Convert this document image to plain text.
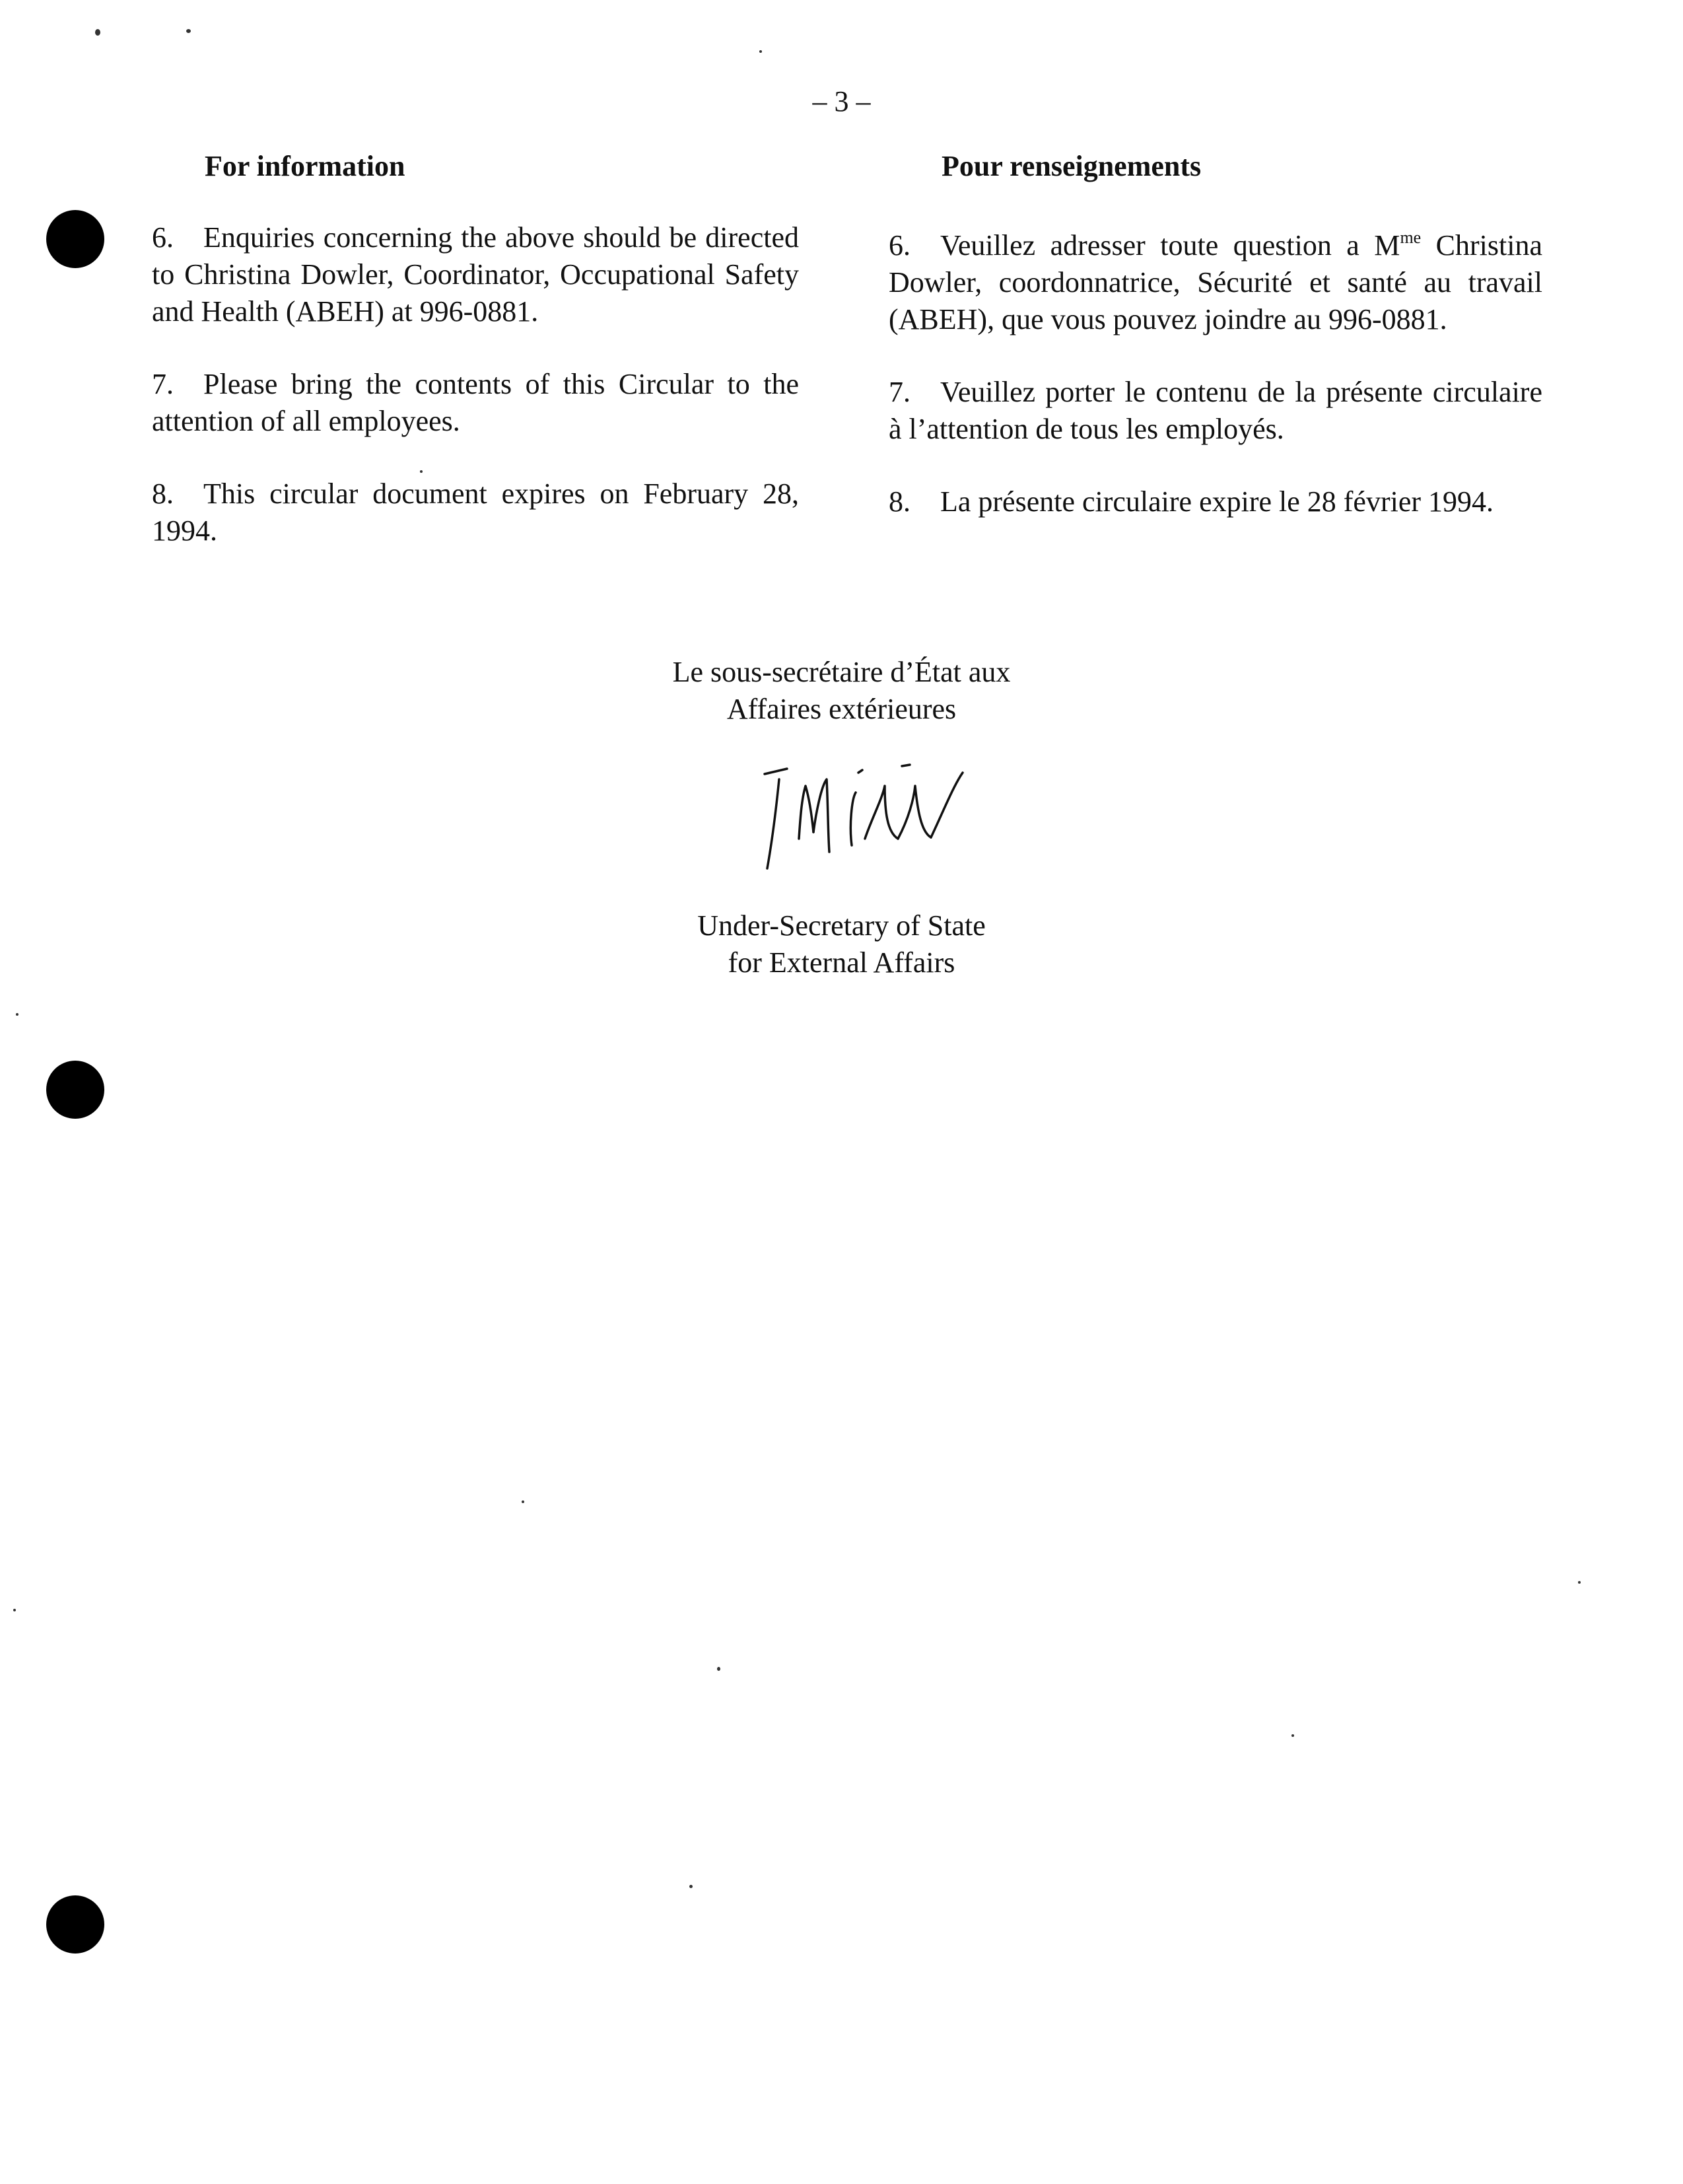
– 3 –
For information
6. Enquiries concerning the above should be directed to Christina Dowler, Coordinator, Occupational Safety and Health (ABEH) at 996-0881.
7. Please bring the contents of this Circular to the attention of all employees.
8. This circular document expires on February 28, 1994.
Pour renseignements
6. Veuillez adresser toute question a $M^{me}$ Christina Dowler, coordonnatrice, Sécurité et santé au travail (ABEH), que vous pouvez joindre au 996-0881.
7. Veuillez porter le contenu de la présente circulaire à l’attention de tous les employés.
8. La présente circulaire expire le 28 février 1994.
Le sous-secrétaire d’État aux
Affaires extérieures
Under-Secretary of State
for External Affairs
